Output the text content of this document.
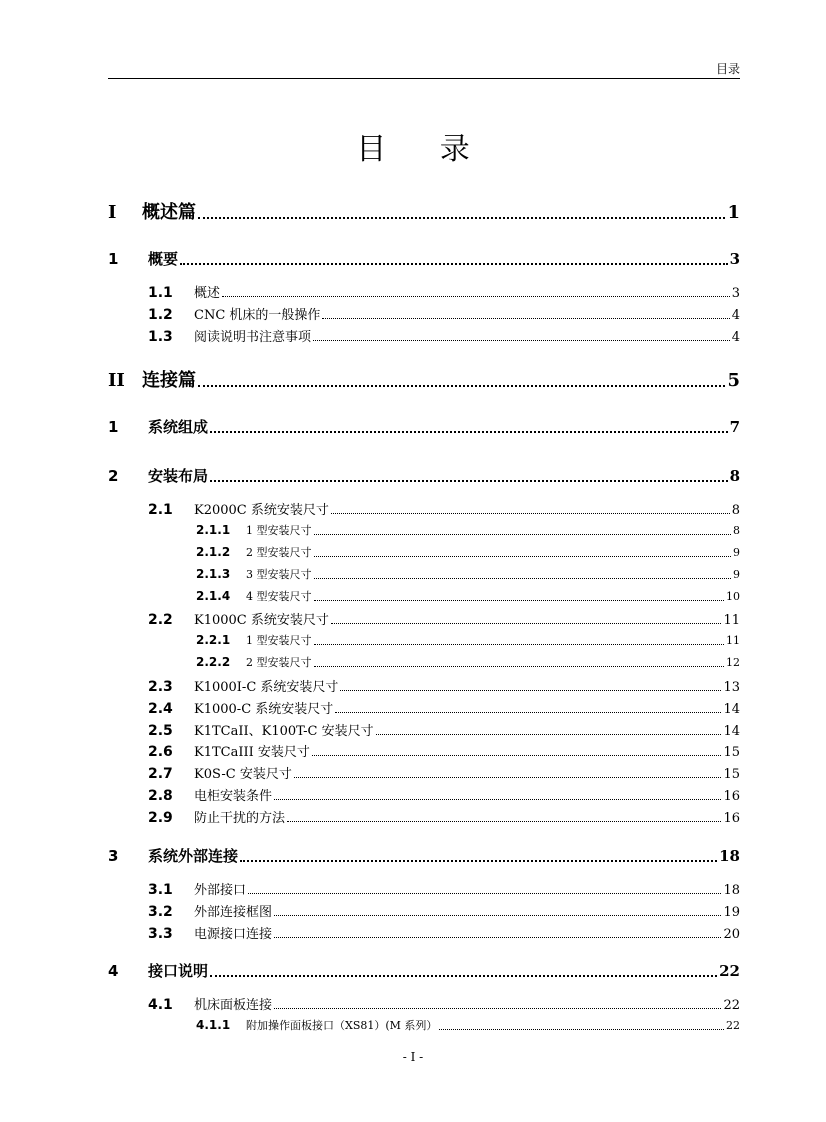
目录
目 录
I	概述篇	1
1	概要	3
1.1	概述	3
1.2	CNC 机床的一般操作	4
1.3	阅读说明书注意事项	4
II 连接篇	5
1	系统组成	7
2	安装布局	8
2.1	K2000C 系统安装尺寸	8
2.1.1	1 型安装尺寸	8
2.1.2	2 型安装尺寸	9
2.1.3	3 型安装尺寸	9
2.1.4	4 型安装尺寸	10
2.2	K1000C 系统安装尺寸	11
2.2.1	1 型安装尺寸	11
2.2.2	2 型安装尺寸	12
2.3	K1000I-C 系统安装尺寸	13
2.4	K1000-C 系统安装尺寸	14
2.5	K1TCaII、K100T-C 安装尺寸	14
2.6	K1TCaIII 安装尺寸	15
2.7	K0S-C 安装尺寸	15
2.8	电柜安装条件	16
2.9	防止干扰的方法	16
3	系统外部连接	18
3.1	外部接口	18
3.2	外部连接框图	19
3.3	电源接口连接	20
4	接口说明	22
4.1	机床面板连接	22
4.1.1	附加操作面板接口（XS81）(M 系列）	22
- I -
